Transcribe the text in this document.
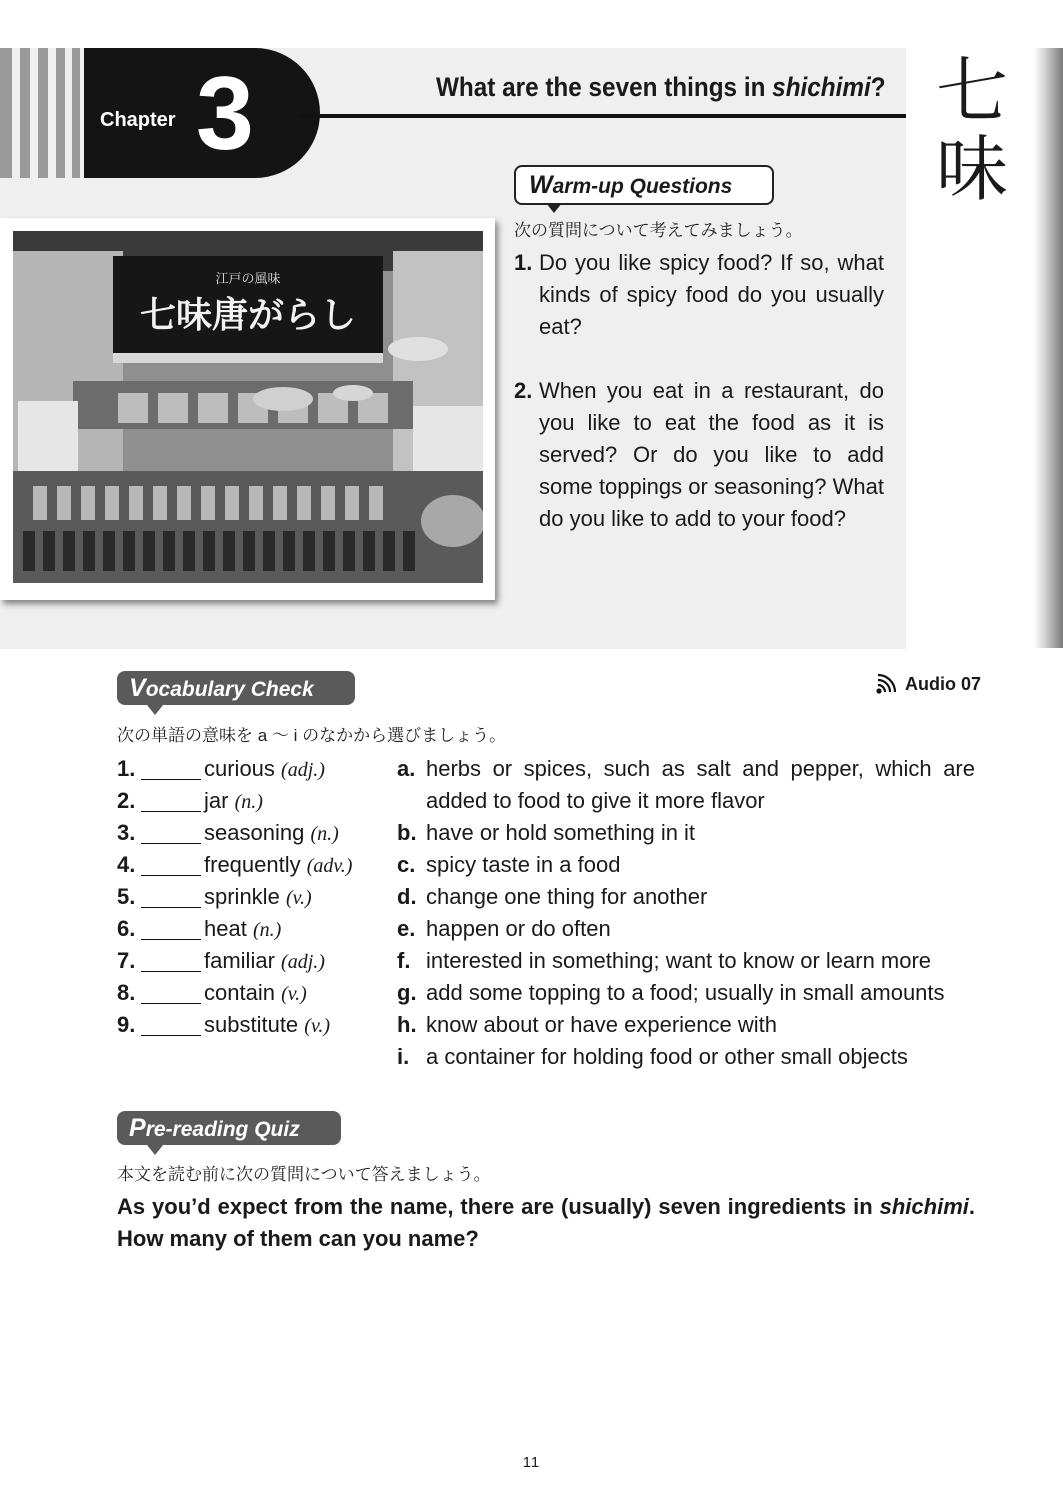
Chapter 3	What are the seven things in shichimi? 七味
Warm-up Questions
次の質問について考えてみましょう。
1. Do you like spicy food? If so, what kinds of spicy food do you usually eat?
2. When you eat in a restaurant, do you like to eat the food as it is served? Or do you like to add some toppings or seasoning? What do you like to add to your food?
七味唐がらし
江戸の風味
Vocabulary Check	Audio 07
次の単語の意味を a ～ i のなかから選びましょう。
1.	curious (adj.)
2.	jar (n.)
3.	seasoning (n.)
4.	frequently (adv.)
5.	sprinkle (v.)
6.	heat (n.)
7.	familiar (adj.)
8.	contain (v.)
9.	substitute (v.)
a. herbs or spices, such as salt and pepper, which are added to food to give it more flavor
b. have or hold something in it
c. spicy taste in a food
d. change one thing for another
e. happen or do often
f. interested in something; want to know or learn more
g. add some topping to a food; usually in small amounts
h. know about or have experience with
i. a container for holding food or other small objects
Pre-reading Quiz
本文を読む前に次の質問について答えましょう。
As you’d expect from the name, there are (usually) seven ingredients in shichimi. How many of them can you name?
11
